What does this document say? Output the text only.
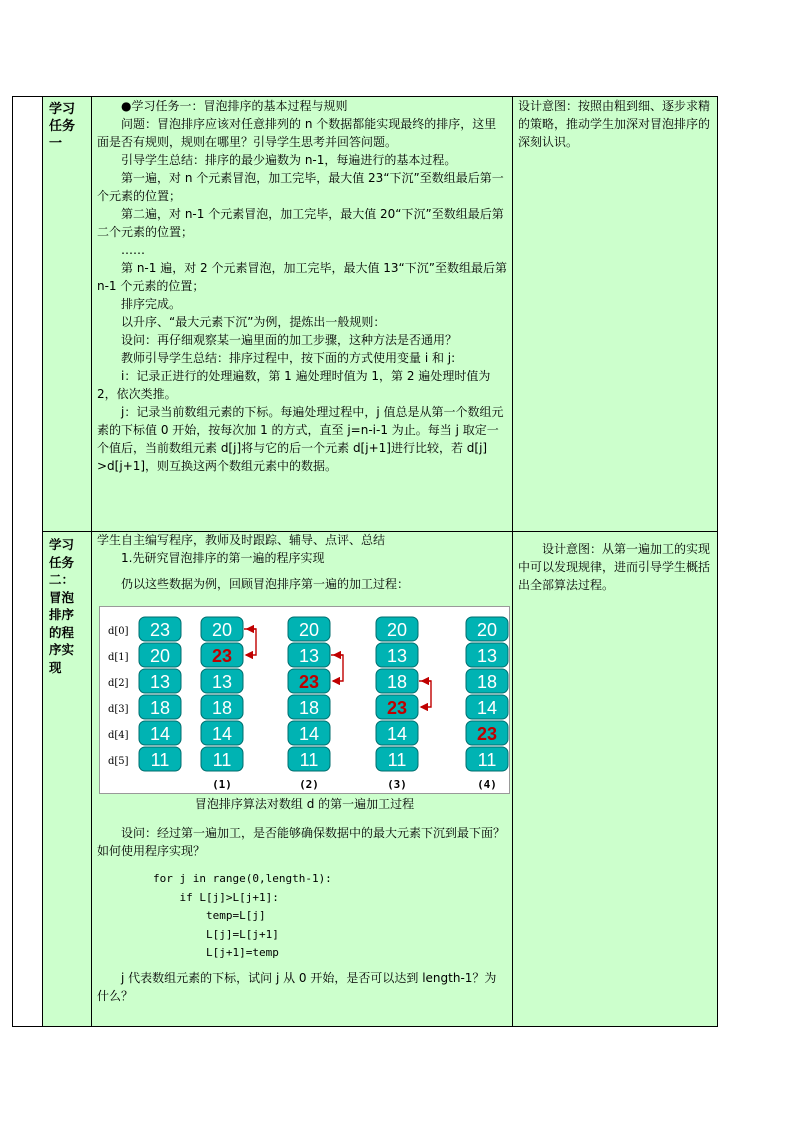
学习任务一

●学习任务一：冒泡排序的基本过程与规则

问题：冒泡排序应该对任意排列的 n 个数据都能实现最终的排序，这里面是否有规则，规则在哪里？引导学生思考并回答问题。

引导学生总结：排序的最少遍数为 n-1，每遍进行的基本过程。

第一遍，对 n 个元素冒泡，加工完毕，最大值 23“下沉”至数组最后第一个元素的位置；

第二遍，对 n-1 个元素冒泡，加工完毕，最大值 20“下沉”至数组最后第二个元素的位置；

……

第 n-1 遍，对 2 个元素冒泡，加工完毕，最大值 13“下沉”至数组最后第 n-1 个元素的位置；

排序完成。

以升序、“最大元素下沉”为例，提炼出一般规则：

设问：再仔细观察某一遍里面的加工步骤，这种方法是否通用？

教师引导学生总结：排序过程中，按下面的方式使用变量 i 和 j:

i：记录正进行的处理遍数，第 1 遍处理时值为 1，第 2 遍处理时值为 2，依次类推。

j：记录当前数组元素的下标。每遍处理过程中，j 值总是从第一个数组元素的下标值 0 开始，按每次加 1 的方式，直至 j=n-i-1 为止。每当 j 取定一个值后，当前数组元素 d[j]将与它的后一个元素 d[j+1]进行比较，若 d[j] >d[j+1]，则互换这两个数组元素中的数据。

设计意图：按照由粗到细、逐步求精的策略，推动学生加深对冒泡排序的深刻认识。
学习任务二：冒泡排序的程序实现

学生自主编写程序，教师及时跟踪、辅导、点评、总结

1.先研究冒泡排序的第一遍的程序实现

仍以这些数据为例，回顾冒泡排序第一遍的加工过程：

d[0]
d[1]
d[2]
d[3]
d[4]
d[5]
23
20
13
18
14
11
20
23
13
18
14
11
(1)
20
13
23
18
14
11
(2)
20
13
18
23
14
11
(3)
20
13
18
14
23
11
(4)
冒泡排序算法对数组 d 的第一遍加工过程

设问：经过第一遍加工，是否能够确保数据中的最大元素下沉到最下面？如何使用程序实现？

for j in range(0,length-1):

if L[j]>L[j+1]:

temp=L[j]

L[j]=L[j+1]

L[j+1]=temp

j 代表数组元素的下标，试问 j 从 0 开始，是否可以达到 length-1？为什么？

设计意图：从第一遍加工的实现中可以发现规律，进而引导学生概括出全部算法过程。
